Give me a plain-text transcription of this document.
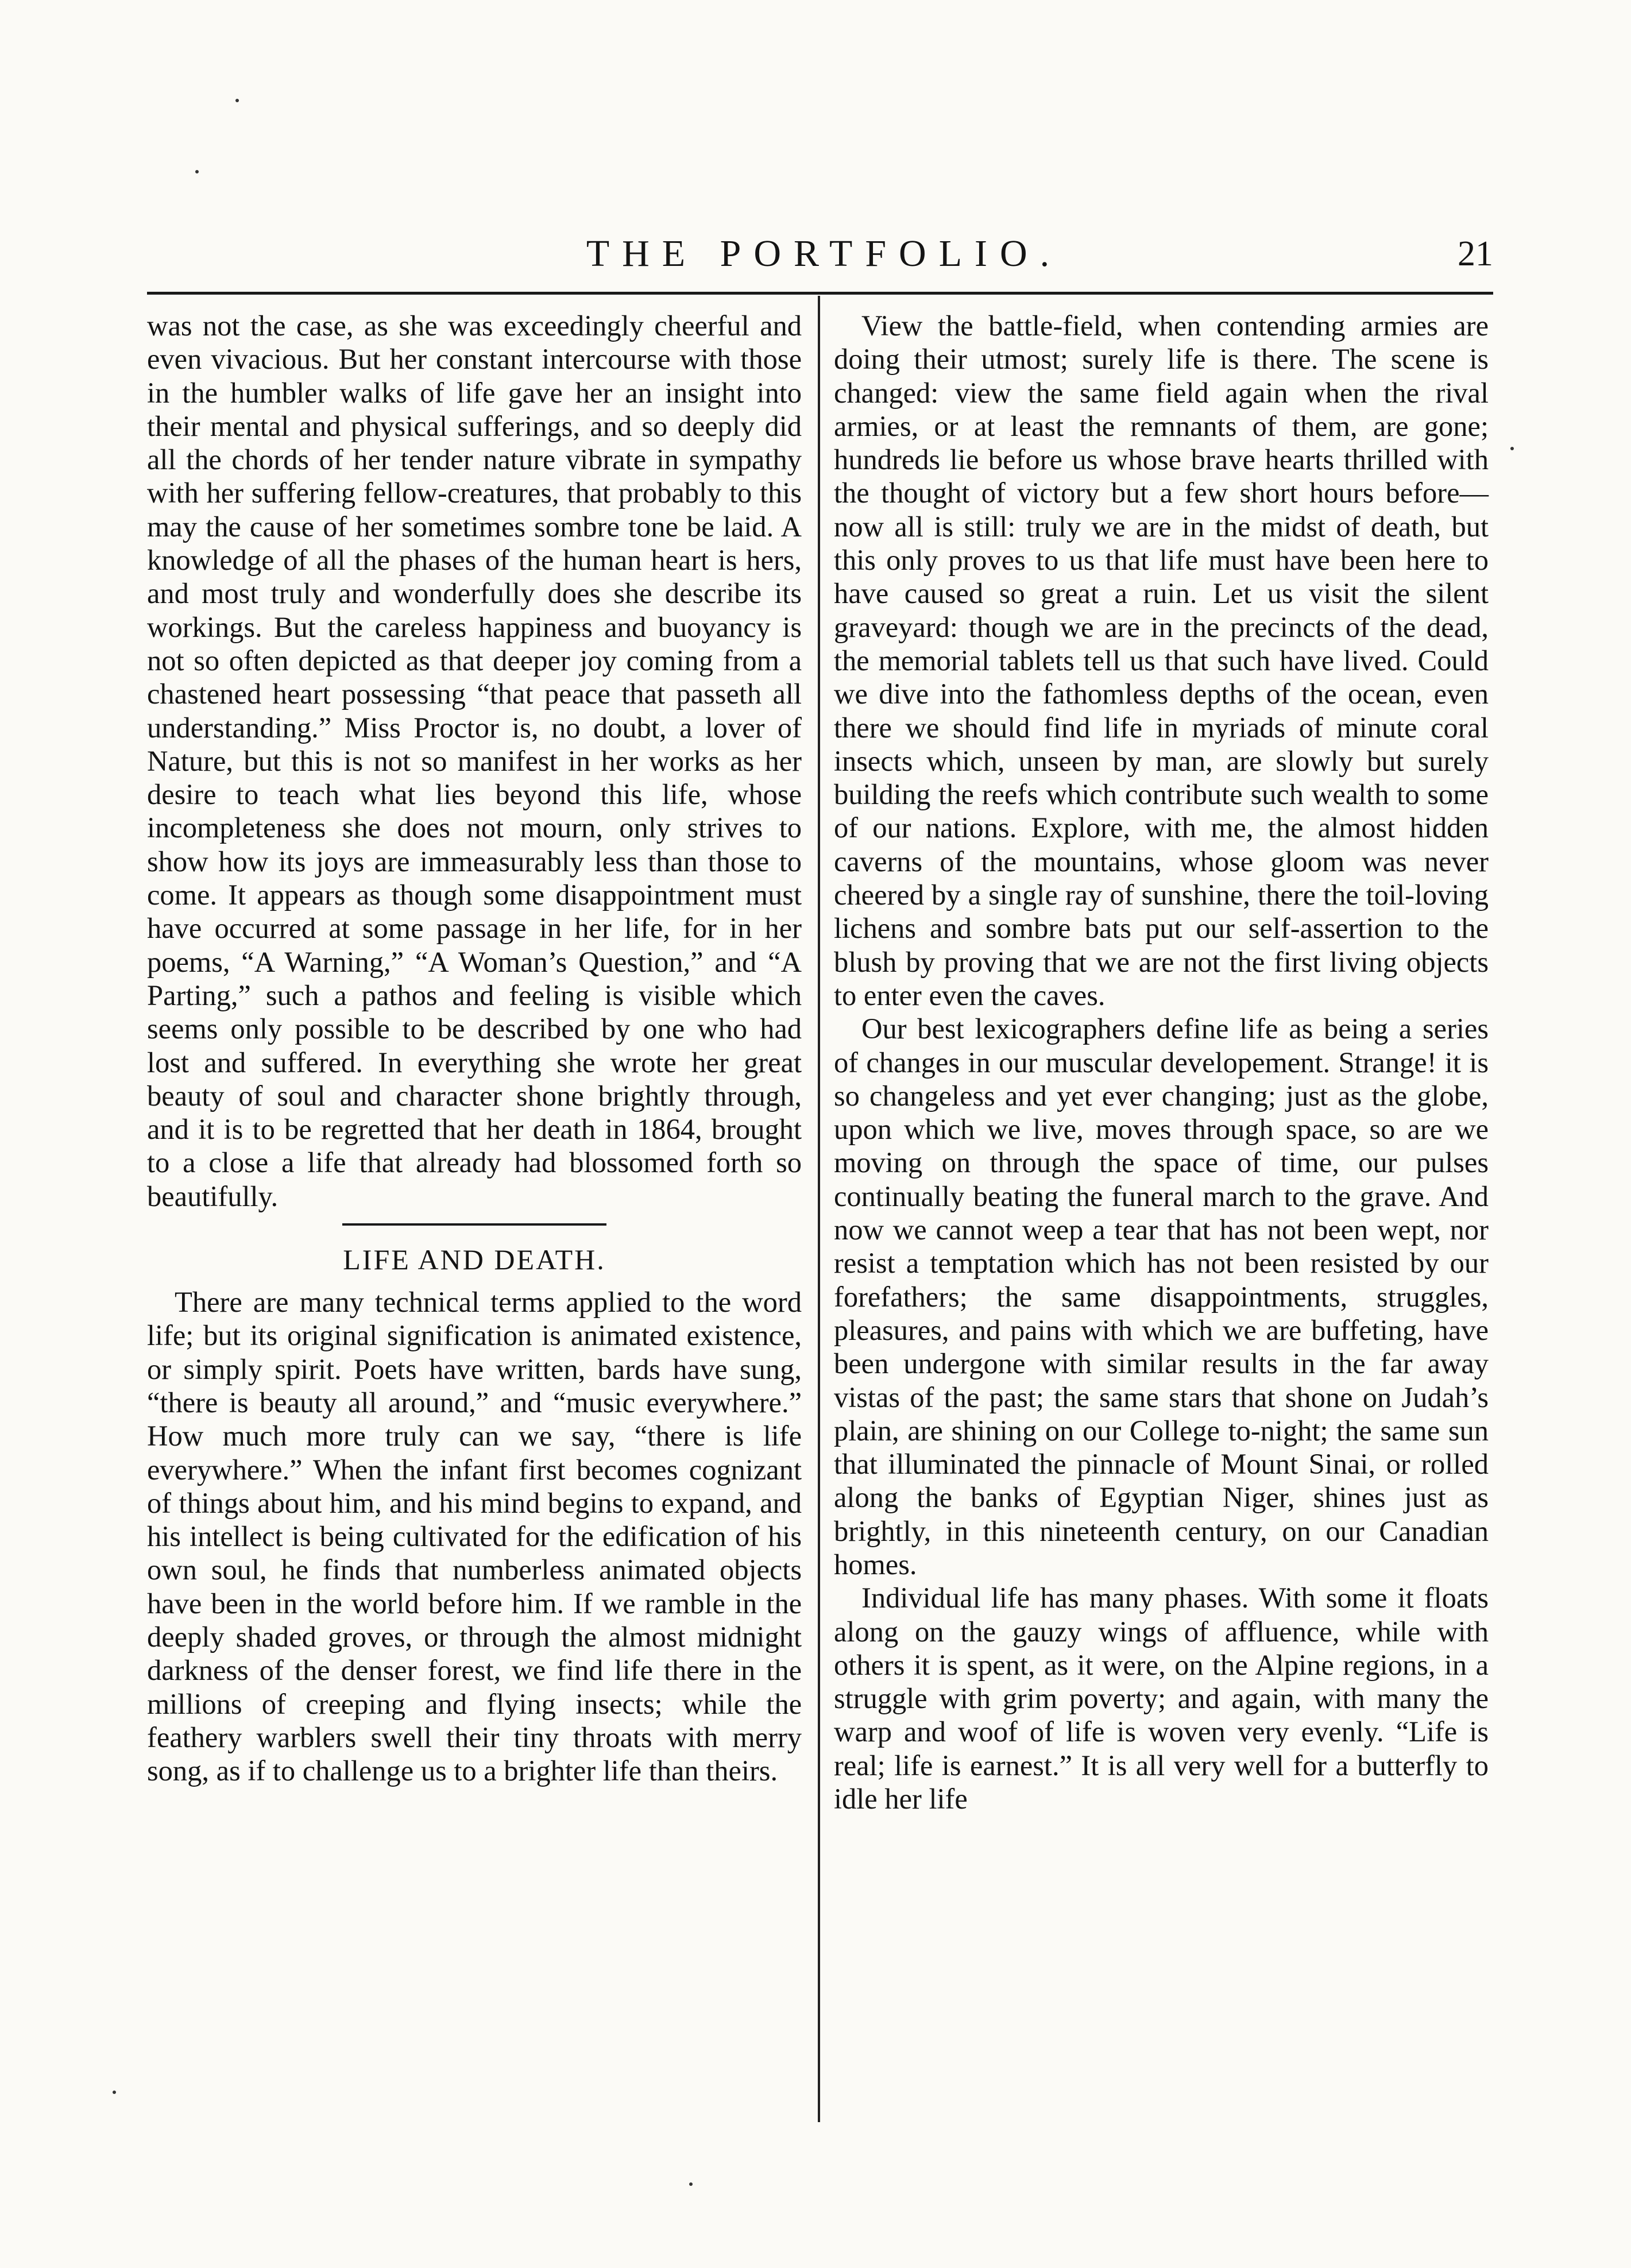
THE PORTFOLIO.	21

was not the case, as she was exceedingly cheerful and even vivacious. But her constant intercourse with those in the humbler walks of life gave her an insight into their mental and physical sufferings, and so deeply did all the chords of her tender nature vibrate in sympathy with her suffering fellow-creatures, that probably to this may the cause of her sometimes sombre tone be laid. A knowledge of all the phases of the human heart is hers, and most truly and wonderfully does she describe its workings. But the careless happiness and buoyancy is not so often depicted as that deeper joy coming from a chastened heart possessing “that peace that passeth all understanding.” Miss Proctor is, no doubt, a lover of Nature, but this is not so manifest in her works as her desire to teach what lies beyond this life, whose incompleteness she does not mourn, only strives to show how its joys are immeasurably less than those to come. It appears as though some disappointment must have occurred at some passage in her life, for in her poems, “A Warning,” “A Woman’s Question,” and “A Parting,” such a pathos and feeling is visible which seems only possible to be described by one who had lost and suffered. In everything she wrote her great beauty of soul and character shone brightly through, and it is to be regretted that her death in 1864, brought to a close a life that already had blossomed forth so beautifully.

LIFE AND DEATH.

There are many technical terms applied to the word life; but its original signification is animated existence, or simply spirit. Poets have written, bards have sung, “there is beauty all around,” and “music everywhere.” How much more truly can we say, “there is life everywhere.” When the infant first becomes cognizant of things about him, and his mind begins to expand, and his intellect is being cultivated for the edification of his own soul, he finds that numberless animated objects have been in the world before him. If we ramble in the deeply shaded groves, or through the almost midnight darkness of the denser forest, we find life there in the millions of creeping and flying insects; while the feathery warblers swell their tiny throats with merry song, as if to challenge us to a brighter life than theirs.

View the battle-field, when contending armies are doing their utmost; surely life is there. The scene is changed: view the same field again when the rival armies, or at least the remnants of them, are gone; hundreds lie before us whose brave hearts thrilled with the thought of victory but a few short hours before—now all is still: truly we are in the midst of death, but this only proves to us that life must have been here to have caused so great a ruin. Let us visit the silent graveyard: though we are in the precincts of the dead, the memorial tablets tell us that such have lived. Could we dive into the fathomless depths of the ocean, even there we should find life in myriads of minute coral insects which, unseen by man, are slowly but surely building the reefs which contribute such wealth to some of our nations. Explore, with me, the almost hidden caverns of the mountains, whose gloom was never cheered by a single ray of sunshine, there the toil-loving lichens and sombre bats put our self-assertion to the blush by proving that we are not the first living objects to enter even the caves.

Our best lexicographers define life as being a series of changes in our muscular developement. Strange! it is so changeless and yet ever changing; just as the globe, upon which we live, moves through space, so are we moving on through the space of time, our pulses continually beating the funeral march to the grave. And now we cannot weep a tear that has not been wept, nor resist a temptation which has not been resisted by our forefathers; the same disappointments, struggles, pleasures, and pains with which we are buffeting, have been undergone with similar results in the far away vistas of the past; the same stars that shone on Judah’s plain, are shining on our College to-night; the same sun that illuminated the pinnacle of Mount Sinai, or rolled along the banks of Egyptian Niger, shines just as brightly, in this nineteenth century, on our Canadian homes.

Individual life has many phases. With some it floats along on the gauzy wings of affluence, while with others it is spent, as it were, on the Alpine regions, in a struggle with grim poverty; and again, with many the warp and woof of life is woven very evenly. “Life is real; life is earnest.” It is all very well for a butterfly to idle her life
